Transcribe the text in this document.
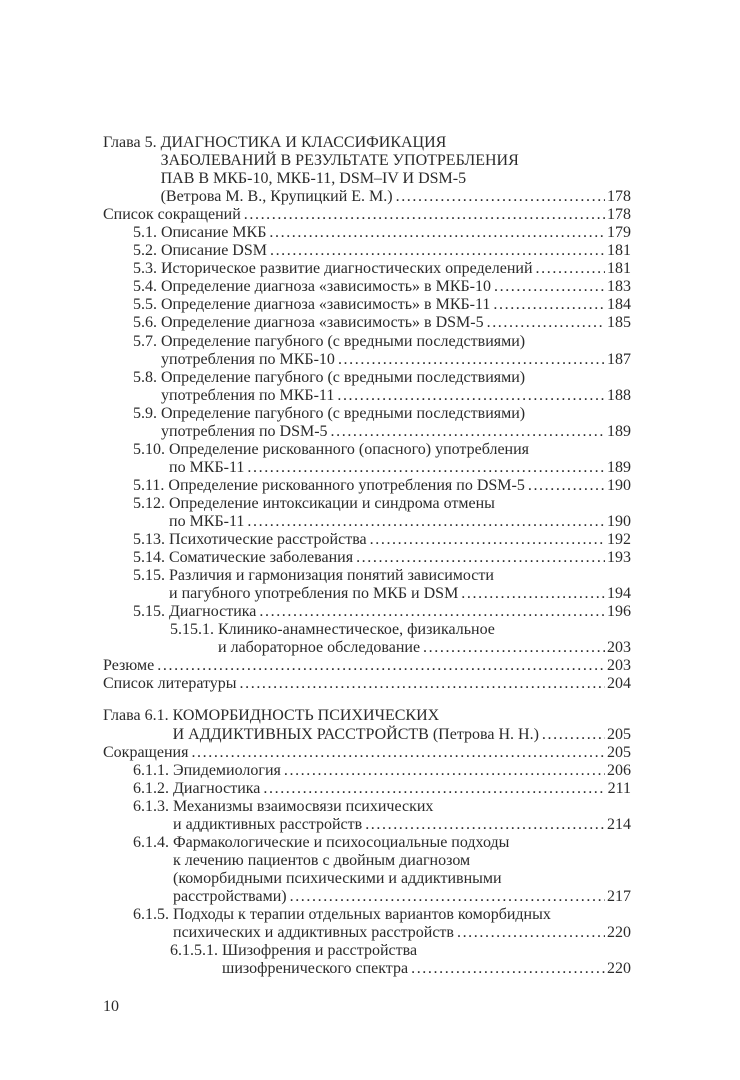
Глава 5. ДИАГНОСТИКА И КЛАССИФИКАЦИЯ
ЗАБОЛЕВАНИЙ В РЕЗУЛЬТАТЕ УПОТРЕБЛЕНИЯ
ПАВ В МКБ-10, МКБ-11, DSM–IV И DSM-5
(Ветрова М. В., Крупицкий Е. М.) . . .	178
Список сокращений . . .	178
5.1. Описание МКБ . . .	179
5.2. Описание DSM . . .	181
5.3. Историческое развитие диагностических определений . . .	181
5.4. Определение диагноза «зависимость» в МКБ-10 . . .	183
5.5. Определение диагноза «зависимость» в МКБ-11 . . .	184
5.6. Определение диагноза «зависимость» в DSM-5 . . .	185
5.7. Определение пагубного (с вредными последствиями)
употребления по МКБ-10 . . .	187
5.8. Определение пагубного (с вредными последствиями)
употребления по МКБ-11 . . .	188
5.9. Определение пагубного (с вредными последствиями)
употребления по DSM-5 . . .	189
5.10. Определение рискованного (опасного) употребления
по МКБ-11 . . .	189
5.11. Определение рискованного употребления по DSM-5 . . .	190
5.12. Определение интоксикации и синдрома отмены
по МКБ-11 . . .	190
5.13. Психотические расстройства . . .	192
5.14. Соматические заболевания . . .	193
5.15. Различия и гармонизация понятий зависимости
и пагубного употребления по МКБ и DSM . . .	194
5.15. Диагностика . . .	196
5.15.1. Клинико-анамнестическое, физикальное
и лабораторное обследование . . .	203
Резюме . . .	203
Список литературы . . .	204
Глава 6.1. КОМОРБИДНОСТЬ ПСИХИЧЕСКИХ
И АДДИКТИВНЫХ РАССТРОЙСТВ (Петрова Н. Н.) . . .	205
Сокращения . . .	205
6.1.1. Эпидемиология . . .	206
6.1.2. Диагностика . . .	211
6.1.3. Механизмы взаимосвязи психических
и аддиктивных расстройств . . .	214
6.1.4. Фармакологические и психосоциальные подходы
к лечению пациентов с двойным диагнозом
(коморбидными психическими и аддиктивными
расстройствами) . . .	217
6.1.5. Подходы к терапии отдельных вариантов коморбидных
психических и аддиктивных расстройств . . .	220
6.1.5.1. Шизофрения и расстройства
шизофренического спектра . . .	220
10
